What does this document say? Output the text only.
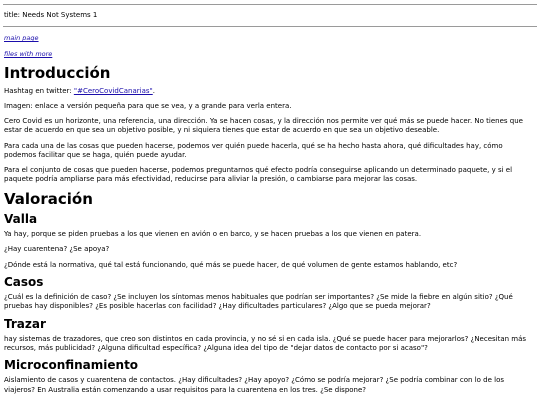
title: Needs Not Systems 1
main page
files with more
Introducción

Hashtag en twitter: "#CeroCovidCanarias".

Imagen: enlace a versión pequeña para que se vea, y a grande para verla entera.

Cero Covid es un horizonte, una referencia, una dirección. Ya se hacen cosas, y la dirección nos permite ver qué más se puede hacer. No tienes que estar de acuerdo en que sea un objetivo posible, y ni siquiera tienes que estar de acuerdo en que sea un objetivo deseable.

Para cada una de las cosas que pueden hacerse, podemos ver quién puede hacerla, qué se ha hecho hasta ahora, qué dificultades hay, cómo podemos facilitar que se haga, quién puede ayudar.

Para el conjunto de cosas que pueden hacerse, podemos preguntarnos qué efecto podría conseguirse aplicando un determinado paquete, y si el paquete podría ampliarse para más efectividad, reducirse para aliviar la presión, o cambiarse para mejorar las cosas.

Valoración
Valla

Ya hay, porque se piden pruebas a los que vienen en avión o en barco, y se hacen pruebas a los que vienen en patera.

¿Hay cuarentena? ¿Se apoya?

¿Dónde está la normativa, qué tal está funcionando, qué más se puede hacer, de qué volumen de gente estamos hablando, etc?

Casos

¿Cuál es la definición de caso? ¿Se incluyen los síntomas menos habituales que podrían ser importantes? ¿Se mide la fiebre en algún sitio? ¿Qué pruebas hay disponibles? ¿Es posible hacerlas con facilidad? ¿Hay dificultades particulares? ¿Algo que se pueda mejorar?

Trazar

hay sistemas de trazadores, que creo son distintos en cada provincia, y no sé si en cada isla. ¿Qué se puede hacer para mejorarlos? ¿Necesitan más recursos, más publicidad? ¿Alguna dificultad específica? ¿Alguna idea del tipo de "dejar datos de contacto por si acaso"?

Microconfinamiento

Aislamiento de casos y cuarentena de contactos. ¿Hay dificultades? ¿Hay apoyo? ¿Cómo se podría mejorar? ¿Se podría combinar con lo de los viajeros? En Australia están comenzando a usar requisitos para la cuarentena en los tres. ¿Se dispone?
